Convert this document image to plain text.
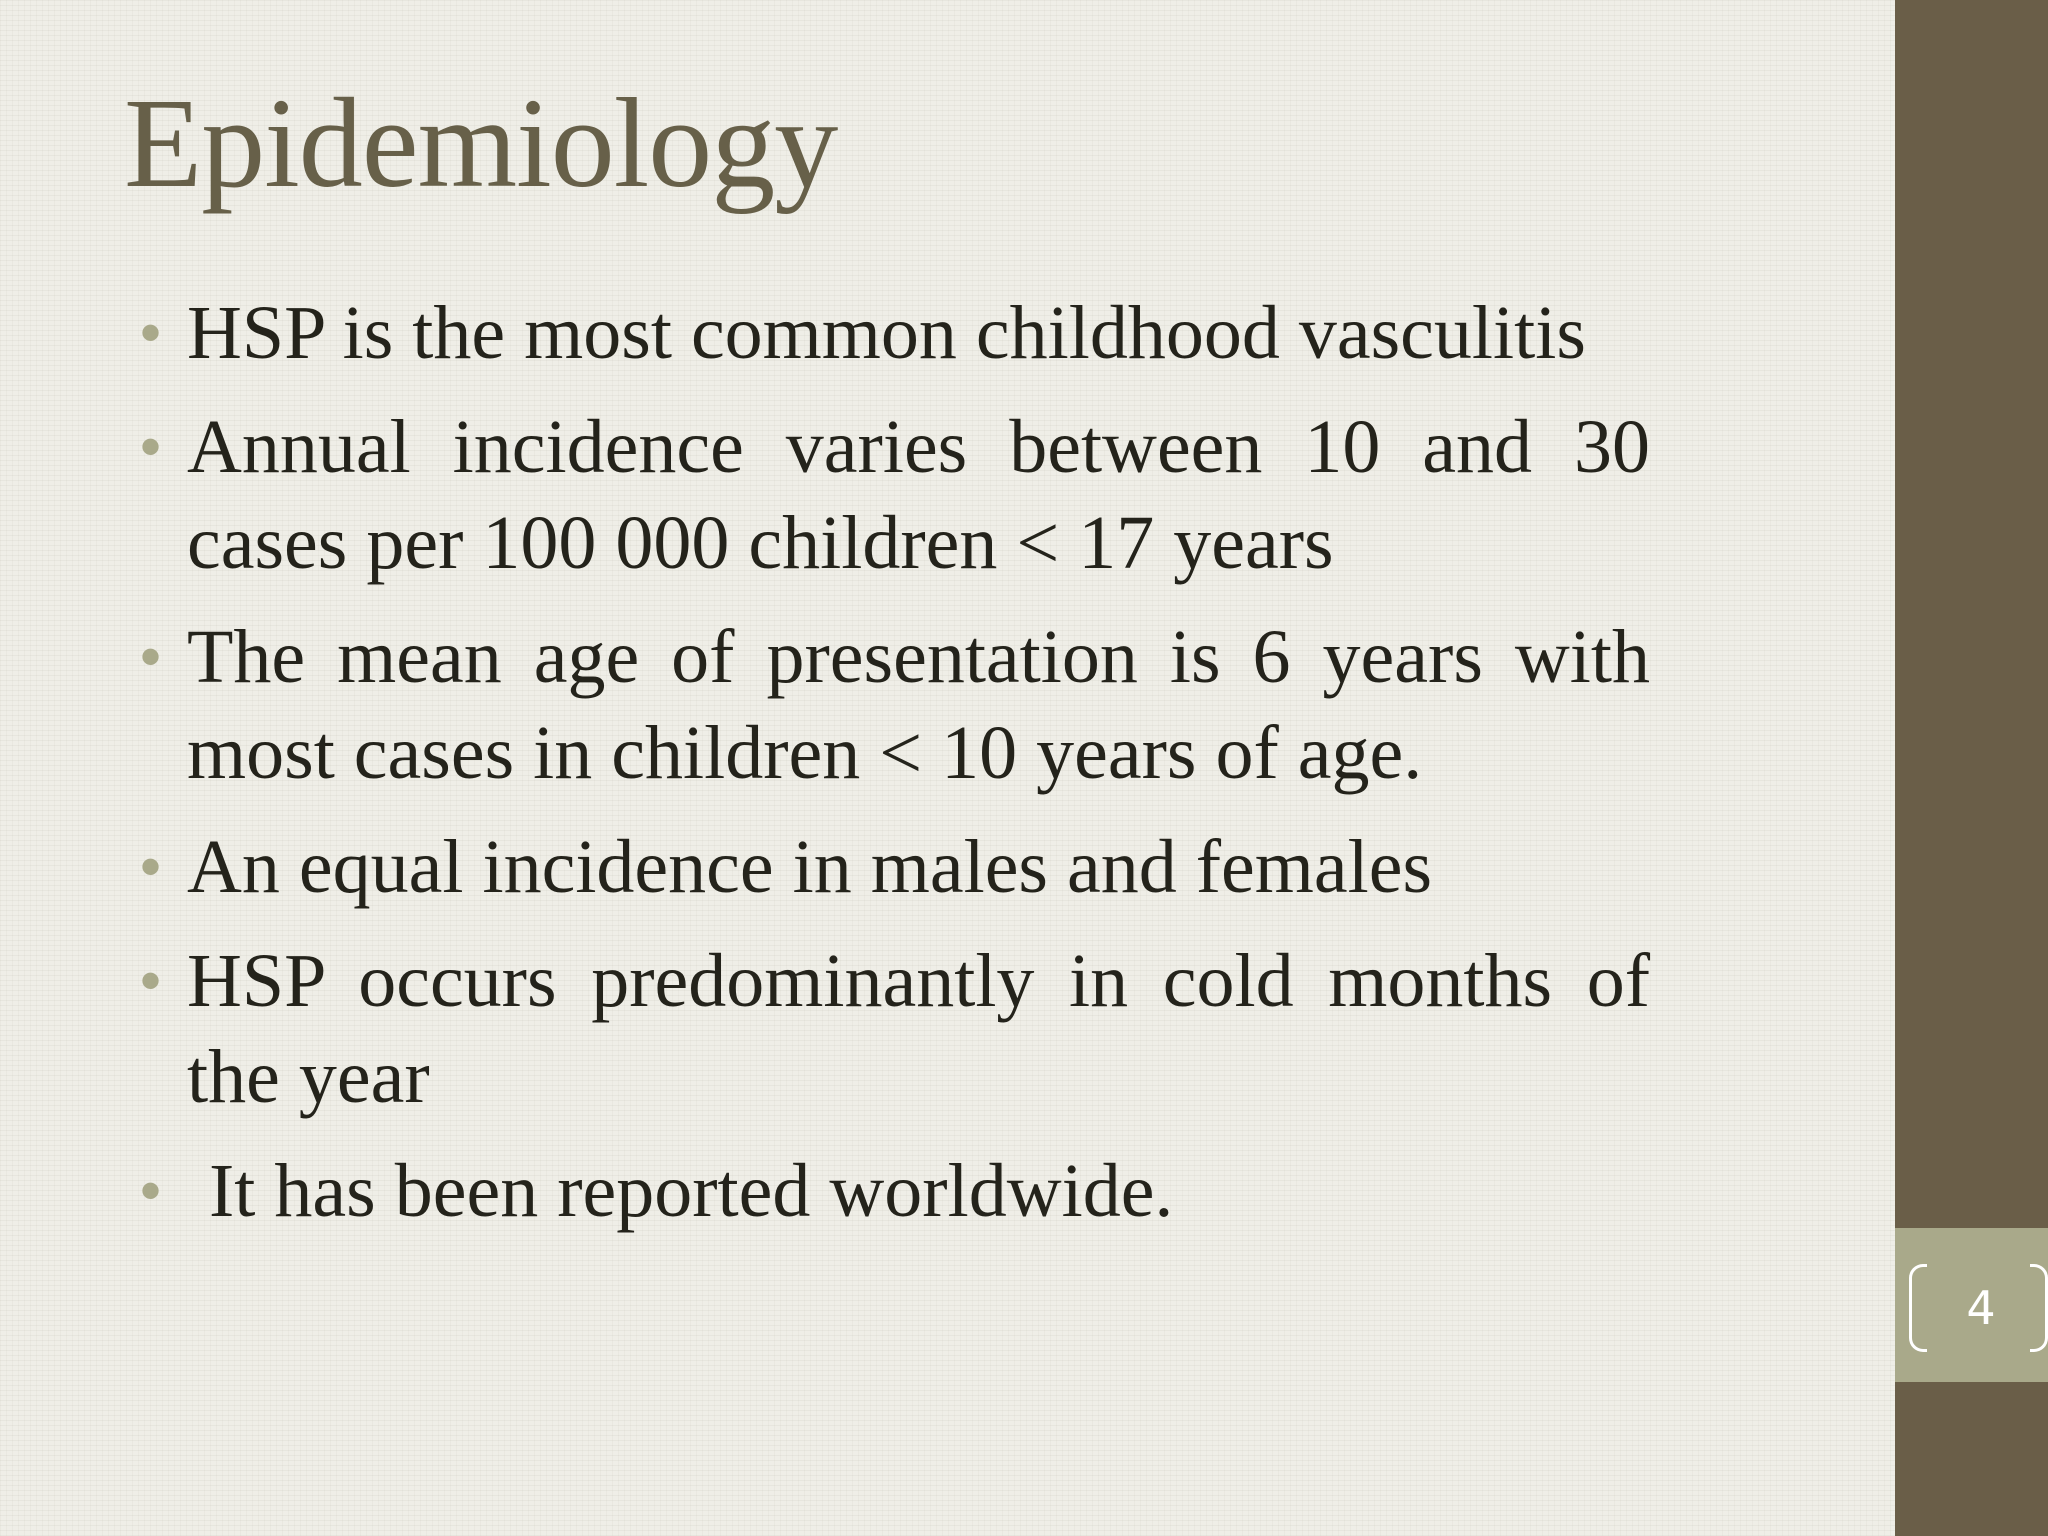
Epidemiology
• HSP is the most common childhood vasculitis
• Annual incidence varies between 10 and 30 cases per 100 000 children < 17 years
• The mean age of presentation is 6 years with most cases in children < 10 years of age.
• An equal incidence in males and females
• HSP occurs predominantly in cold months of the year
• It has been reported worldwide.
4
